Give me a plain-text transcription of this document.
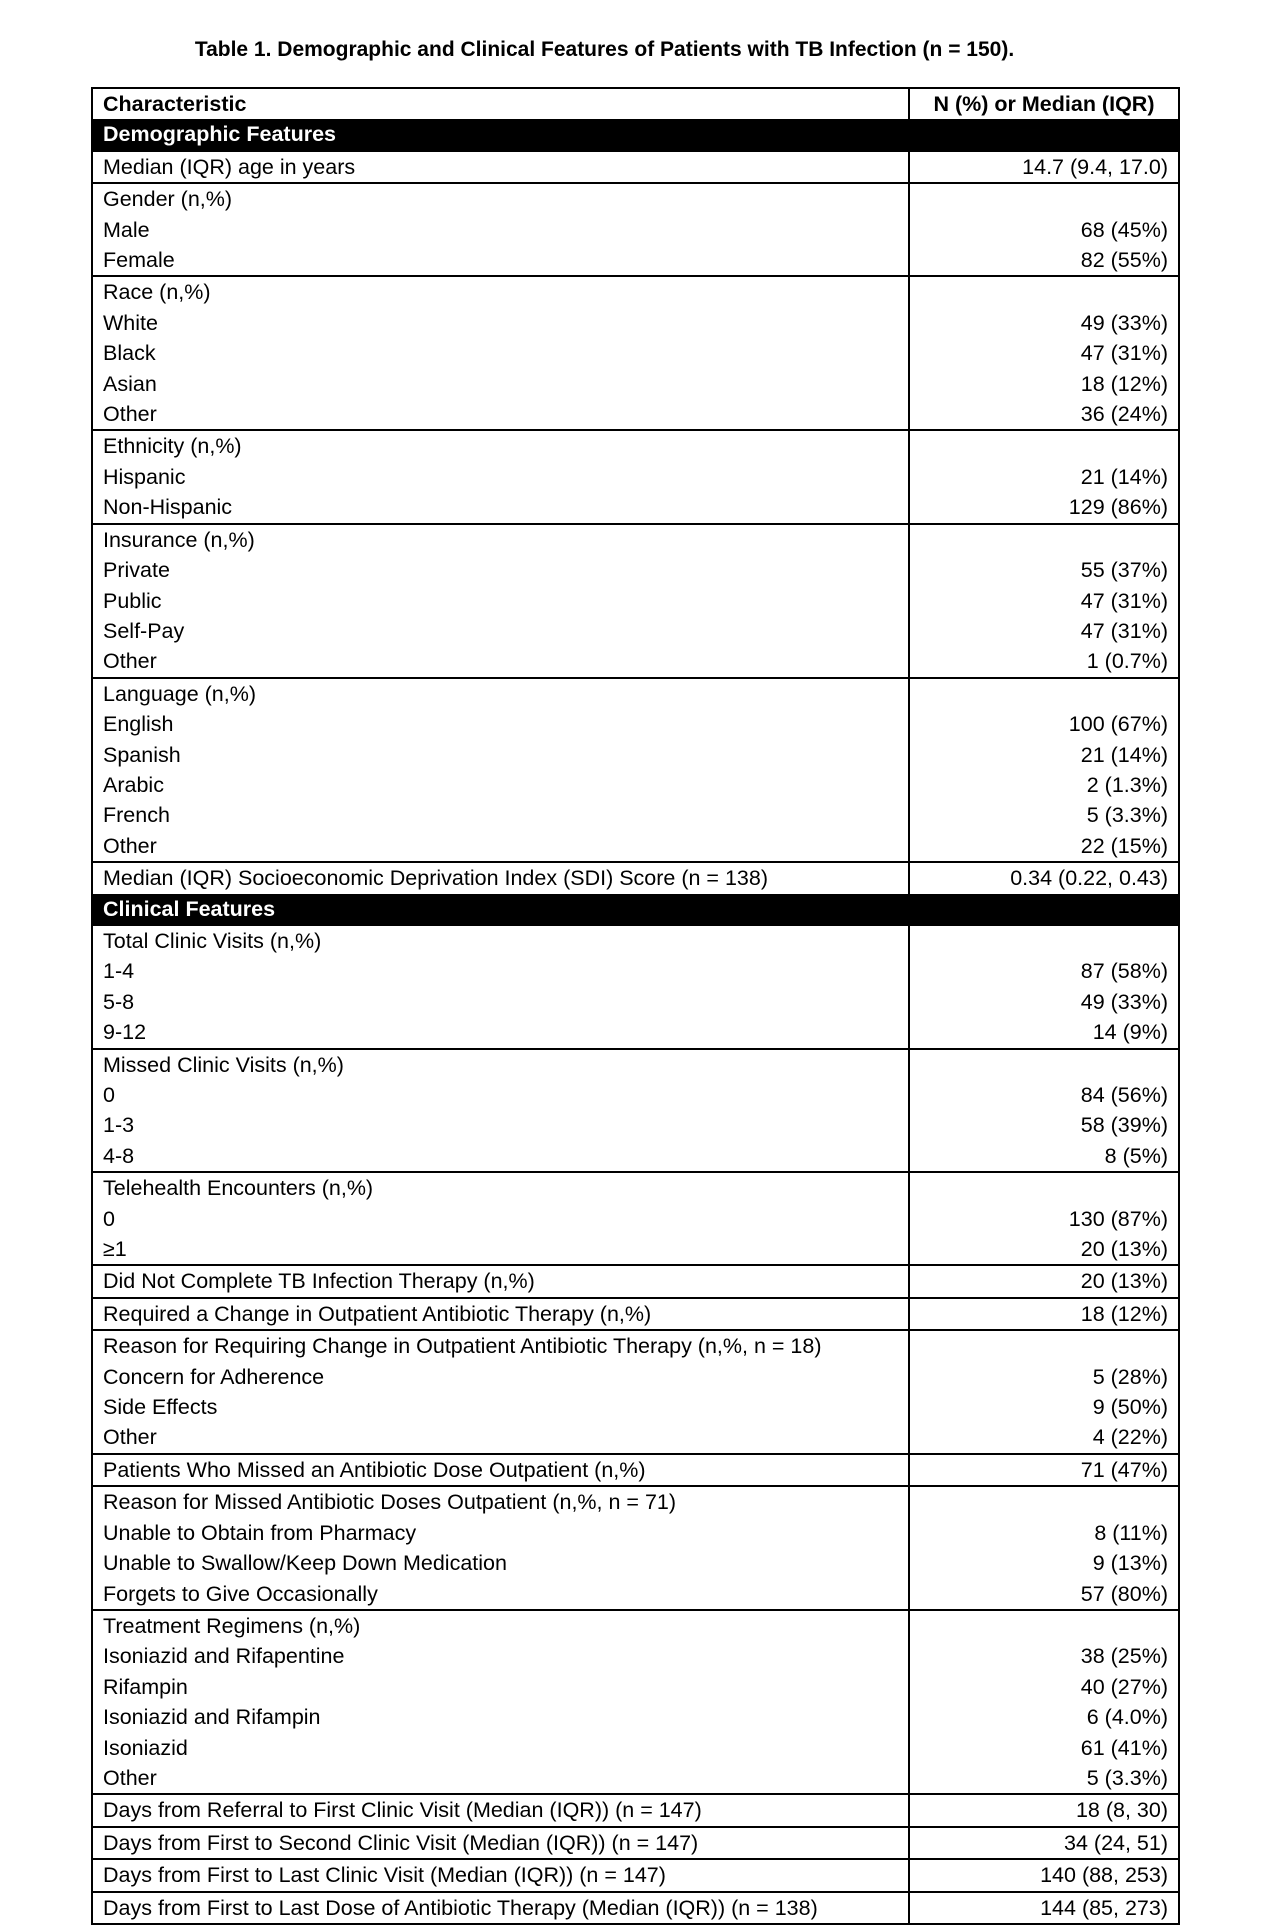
Table 1. Demographic and Clinical Features of Patients with TB Infection (n = 150).
Characteristic	N (%) or Median (IQR)
Demographic Features	
Median (IQR) age in years	14.7 (9.4, 17.0)
Gender (n,%)	
Male	68 (45%)
Female	82 (55%)
Race (n,%)	
White	49 (33%)
Black	47 (31%)
Asian	18 (12%)
Other	36 (24%)
Ethnicity (n,%)	
Hispanic	21 (14%)
Non-Hispanic	129 (86%)
Insurance (n,%)	
Private	55 (37%)
Public	47 (31%)
Self-Pay	47 (31%)
Other	1 (0.7%)
Language (n,%)	
English	100 (67%)
Spanish	21 (14%)
Arabic	2 (1.3%)
French	5 (3.3%)
Other	22 (15%)
Median (IQR) Socioeconomic Deprivation Index (SDI) Score (n = 138)	0.34 (0.22, 0.43)
Clinical Features	
Total Clinic Visits (n,%)	
1-4	87 (58%)
5-8	49 (33%)
9-12	14 (9%)
Missed Clinic Visits (n,%)	
0	84 (56%)
1-3	58 (39%)
4-8	8 (5%)
Telehealth Encounters (n,%)	
0	130 (87%)
≥1	20 (13%)
Did Not Complete TB Infection Therapy (n,%)	20 (13%)
Required a Change in Outpatient Antibiotic Therapy (n,%)	18 (12%)
Reason for Requiring Change in Outpatient Antibiotic Therapy (n,%, n = 18)	
Concern for Adherence	5 (28%)
Side Effects	9 (50%)
Other	4 (22%)
Patients Who Missed an Antibiotic Dose Outpatient (n,%)	71 (47%)
Reason for Missed Antibiotic Doses Outpatient (n,%, n = 71)	
Unable to Obtain from Pharmacy	8 (11%)
Unable to Swallow/Keep Down Medication	9 (13%)
Forgets to Give Occasionally	57 (80%)
Treatment Regimens (n,%)	
Isoniazid and Rifapentine	38 (25%)
Rifampin	40 (27%)
Isoniazid and Rifampin	6 (4.0%)
Isoniazid	61 (41%)
Other	5 (3.3%)
Days from Referral to First Clinic Visit (Median (IQR)) (n = 147)	18 (8, 30)
Days from First to Second Clinic Visit (Median (IQR)) (n = 147)	34 (24, 51)
Days from First to Last Clinic Visit (Median (IQR)) (n = 147)	140 (88, 253)
Days from First to Last Dose of Antibiotic Therapy (Median (IQR)) (n = 138)	144 (85, 273)
